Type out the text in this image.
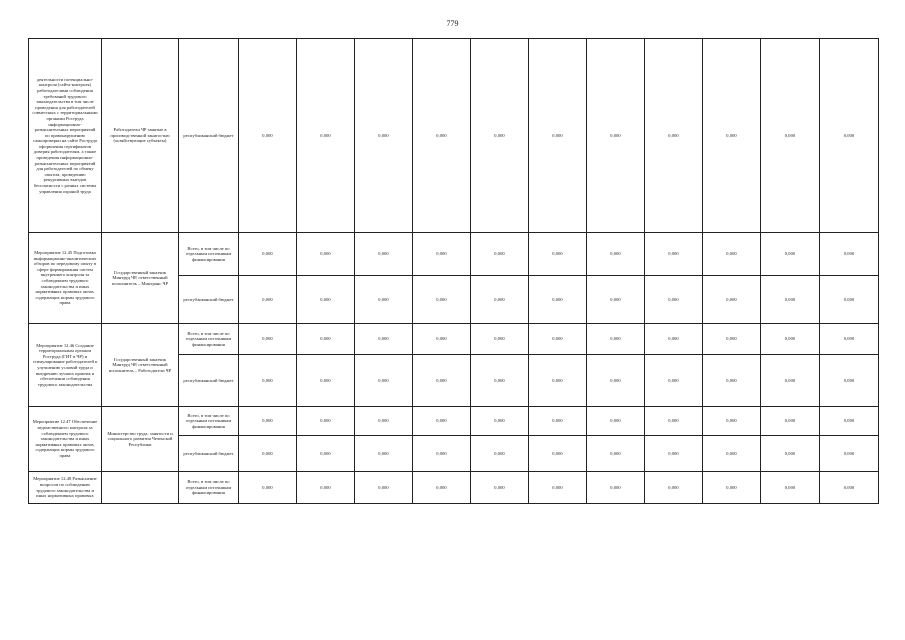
779
деятельности потенциально-контроля (сайта-контроля) работодателями соблюдения требований трудового законодательства в том числе проведения для работодателей совместных с территориальными органами Роструда информационно-разъяснительных мероприятий по правонарушению самопроверки на сайте Роструда оформления сертификатов доверия работодателям, а также проведения информационно-разъяснительных мероприятий для работодателей по обмену опытом, проведению рекурсивных выездов бесплатности с разных системы управления охраной труда	Работодатели ЧР занятые в производственной занятостью (хозяйствующие субъекты)	республиканский бюджет	0,000	0,000	0,000	0,000	0,000	0,000	0,000	0,000	0,000	0,000	0,000
Мероприятие 12.45 Подготовка информационно-аналитических обзоров по передовому опыту в сфере формирования систем внутреннего контроля за соблюдением трудового законодательства и иных нормативных правовых актов, содержащих нормы трудового права	Государственный заказчик Минтруд ЧР, ответственный исполнитель – Минтранс ЧР	Всего, в том числе по отдельным источникам финансирования	0,000	0,000	0,000	0,000	0,000	0,000	0,000	0,000	0,000	0,000	0,000
		республиканский бюджет	0,000	0,000	0,000	0,000	0,000	0,000	0,000	0,000	0,000	0,000	0,000
Мероприятие 12.46 Создание территориальным органом Роструда (ГИТ в ЧР) и стимулирование работодателей к улучшению условий труда и внедрению лучших практик в обеспечении соблюдения трудового законодательства	Государственный заказчик Минтруд ЧР, ответственный исполнитель – Работодатели ЧР	Всего, в том числе по отдельным источникам финансирования	0,000	0,000	0,000	0,000	0,000	0,000	0,000	0,000	0,000	0,000	0,000
		республиканский бюджет	0,000	0,000	0,000	0,000	0,000	0,000	0,000	0,000	0,000	0,000	0,000
Мероприятие 12.47 Обеспечение ведомственного контроля за соблюдением трудового законодательства и иных нормативных правовых актов, содержащих нормы трудового права	Министерство труда, занятости и социального развития Чеченской Республики	Всего, в том числе по отдельным источникам финансирования	0,000	0,000	0,000	0,000	0,000	0,000	0,000	0,000	0,000	0,000	0,000
		республиканский бюджет	0,000	0,000	0,000	0,000	0,000	0,000	0,000	0,000	0,000	0,000	0,000
Мероприятие 12.48 Разъяснение вопросов по соблюдению трудового законодательства и иных нормативных правовых		Всего, в том числе по отдельным источникам финансирования	0,000	0,000	0,000	0,000	0,000	0,000	0,000	0,000	0,000	0,000	0,000
